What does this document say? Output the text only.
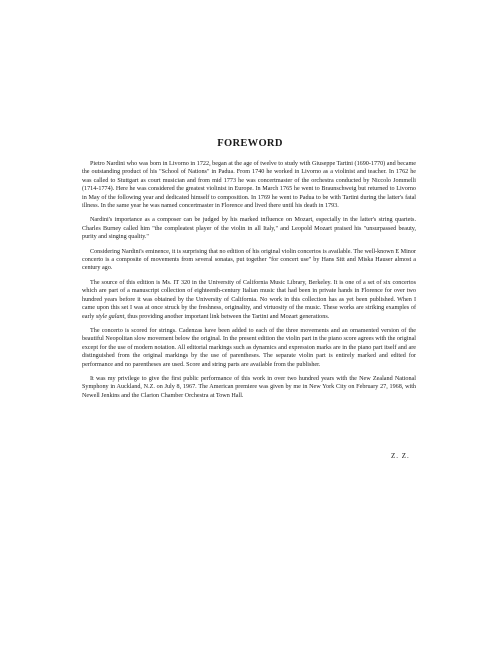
FOREWORD

Pietro Nardini who was born in Livorno in 1722, began at the age of twelve to study with Giuseppe Tartini (1690-1770) and became the outstanding product of his "School of Nations" in Padua. From 1740 he worked in Livorno as a violinist and teacher. In 1762 he was called to Stuttgart as court musician and from mid 1773 he was concertmaster of the orchestra conducted by Niccolo Jommelli (1714-1774). Here he was considered the greatest violinist in Europe. In March 1765 he went to Braunschweig but returned to Livorno in May of the following year and dedicated himself to composition. In 1769 he went to Padua to be with Tartini during the latter's fatal illness. In the same year he was named concertmaster in Florence and lived there until his death in 1793.

Nardini's importance as a composer can be judged by his marked influence on Mozart, especially in the latter's string quartets. Charles Burney called him "the compleatest player of the violin in all Italy," and Leopold Mozart praised his "unsurpassed beauty, purity and singing quality."

Considering Nardini's eminence, it is surprising that no edition of his original violin concertos is available. The well-known E Minor concerto is a composite of movements from several sonatas, put together "for concert use" by Hans Sitt and Miska Hauser almost a century ago.

The source of this edition is Ms. IT 320 in the University of California Music Library, Berkeley. It is one of a set of six concertos which are part of a manuscript collection of eighteenth-century Italian music that had been in private hands in Florence for over two hundred years before it was obtained by the University of California. No work in this collection has as yet been published. When I came upon this set I was at once struck by the freshness, originality, and virtuosity of the music. These works are striking examples of early style galant, thus providing another important link between the Tartini and Mozart generations.

The concerto is scored for strings. Cadenzas have been added to each of the three movements and an ornamented version of the beautiful Neopolitan slow movement below the original. In the present edition the violin part in the piano score agrees with the original except for the use of modern notation. All editorial markings such as dynamics and expression marks are in the piano part itself and are distinguished from the original markings by the use of parentheses. The separate violin part is entirely marked and edited for performance and no parentheses are used. Score and string parts are available from the publisher.

It was my privilege to give the first public performance of this work in over two hundred years with the New Zealand National Symphony in Auckland, N.Z. on July 8, 1967. The American premiere was given by me in New York City on February 27, 1968, with Newell Jenkins and the Clarion Chamber Orchestra at Town Hall.

Z. Z.
